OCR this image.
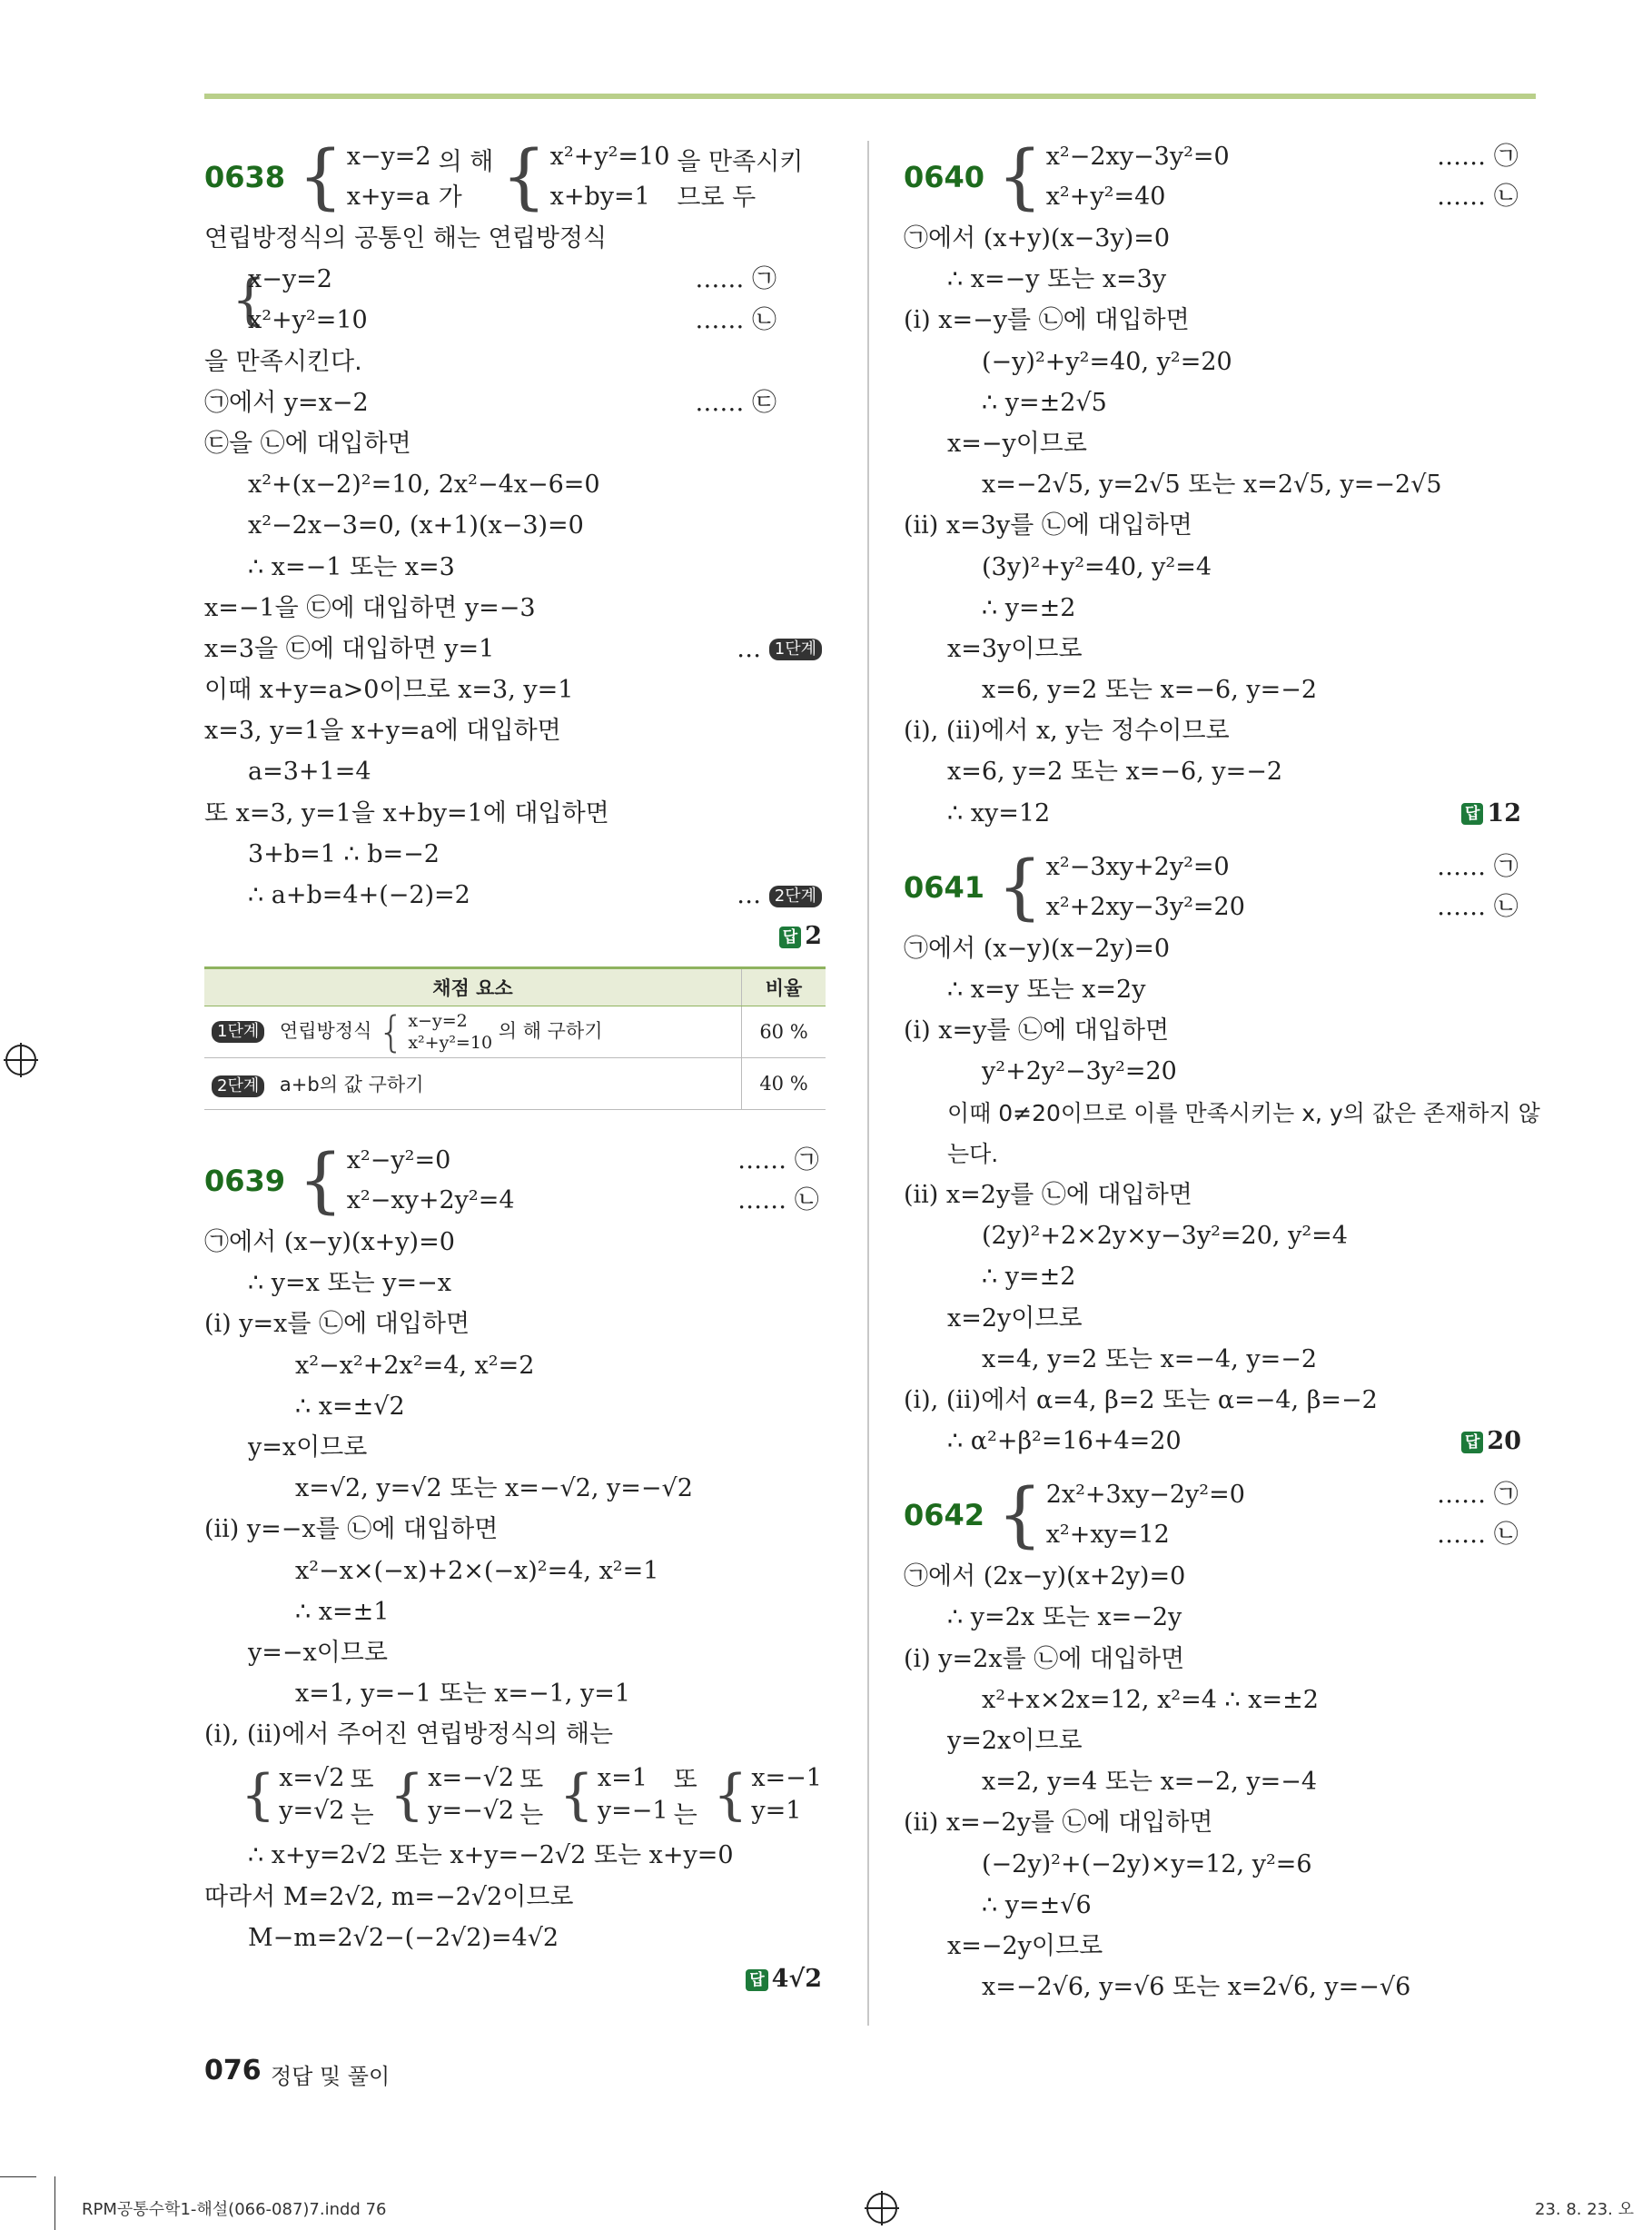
0638 { x−y=2
x+y=a
의 해가 { x²+y²=10
x+by=1
을 만족시키므로 두
연립방정식의 공통인 해는 연립방정식
{
x−y=2	…… ㉠
x²+y²=10	…… ㉡
을 만족시킨다.
㉠에서 y=x−2	…… ㉢
㉢을 ㉡에 대입하면
x²+(x−2)²=10, 2x²−4x−6=0
x²−2x−3=0, (x+1)(x−3)=0
∴ x=−1 또는 x=3
x=−1을 ㉢에 대입하면 y=−3
x=3을 ㉢에 대입하면 y=1	… 1단계
이때 x+y=a>0이므로 x=3, y=1
x=3, y=1을 x+y=a에 대입하면
a=3+1=4
또 x=3, y=1을 x+by=1에 대입하면
3+b=1 ∴ b=−2
∴ a+b=4+(−2)=2	… 2단계
답 2
채점 요소	비율
1단계 연립방정식 { x−y=2
x²+y²=10
의 해 구하기	60 %
2단계 a+b의 값 구하기	40 %
0639 { x²−y²=0	…… ㉠
x²−xy+2y²=4	…… ㉡
㉠에서 (x−y)(x+y)=0
∴ y=x 또는 y=−x
(ⅰ) y=x를 ㉡에 대입하면
x²−x²+2x²=4, x²=2
∴ x=±√2
y=x이므로
x=√2, y=√2 또는 x=−√2, y=−√2
(ⅱ) y=−x를 ㉡에 대입하면
x²−x×(−x)+2×(−x)²=4, x²=1
∴ x=±1
y=−x이므로
x=1, y=−1 또는 x=−1, y=1
(ⅰ), (ⅱ)에서 주어진 연립방정식의 해는
{ x=√2
y=√2
또는 { x=−√2
y=−√2
또는 { x=1
y=−1
또는 { x=−1
y=1
∴ x+y=2√2 또는 x+y=−2√2 또는 x+y=0
따라서 M=2√2, m=−2√2이므로
M−m=2√2−(−2√2)=4√2
답 4√2
0640 { x²−2xy−3y²=0	…… ㉠
x²+y²=40	…… ㉡
㉠에서 (x+y)(x−3y)=0
∴ x=−y 또는 x=3y
(ⅰ) x=−y를 ㉡에 대입하면
(−y)²+y²=40, y²=20
∴ y=±2√5
x=−y이므로
x=−2√5, y=2√5 또는 x=2√5, y=−2√5
(ⅱ) x=3y를 ㉡에 대입하면
(3y)²+y²=40, y²=4
∴ y=±2
x=3y이므로
x=6, y=2 또는 x=−6, y=−2
(ⅰ), (ⅱ)에서 x, y는 정수이므로
x=6, y=2 또는 x=−6, y=−2
∴ xy=12	답 12
0641 { x²−3xy+2y²=0	…… ㉠
x²+2xy−3y²=20	…… ㉡
㉠에서 (x−y)(x−2y)=0
∴ x=y 또는 x=2y
(ⅰ) x=y를 ㉡에 대입하면
y²+2y²−3y²=20
이때 0≠20이므로 이를 만족시키는 x, y의 값은 존재하지 않
는다.
(ⅱ) x=2y를 ㉡에 대입하면
(2y)²+2×2y×y−3y²=20, y²=4
∴ y=±2
x=2y이므로
x=4, y=2 또는 x=−4, y=−2
(ⅰ), (ⅱ)에서 α=4, β=2 또는 α=−4, β=−2
∴ α²+β²=16+4=20	답 20
0642 { 2x²+3xy−2y²=0	…… ㉠
x²+xy=12	…… ㉡
㉠에서 (2x−y)(x+2y)=0
∴ y=2x 또는 x=−2y
(ⅰ) y=2x를 ㉡에 대입하면
x²+x×2x=12, x²=4 ∴ x=±2
y=2x이므로
x=2, y=4 또는 x=−2, y=−4
(ⅱ) x=−2y를 ㉡에 대입하면
(−2y)²+(−2y)×y=12, y²=6
∴ y=±√6
x=−2y이므로
x=−2√6, y=√6 또는 x=2√6, y=−√6
076 정답 및 풀이
RPM공통수학1-해설(066-087)7.indd 76	23. 8. 23. 오
